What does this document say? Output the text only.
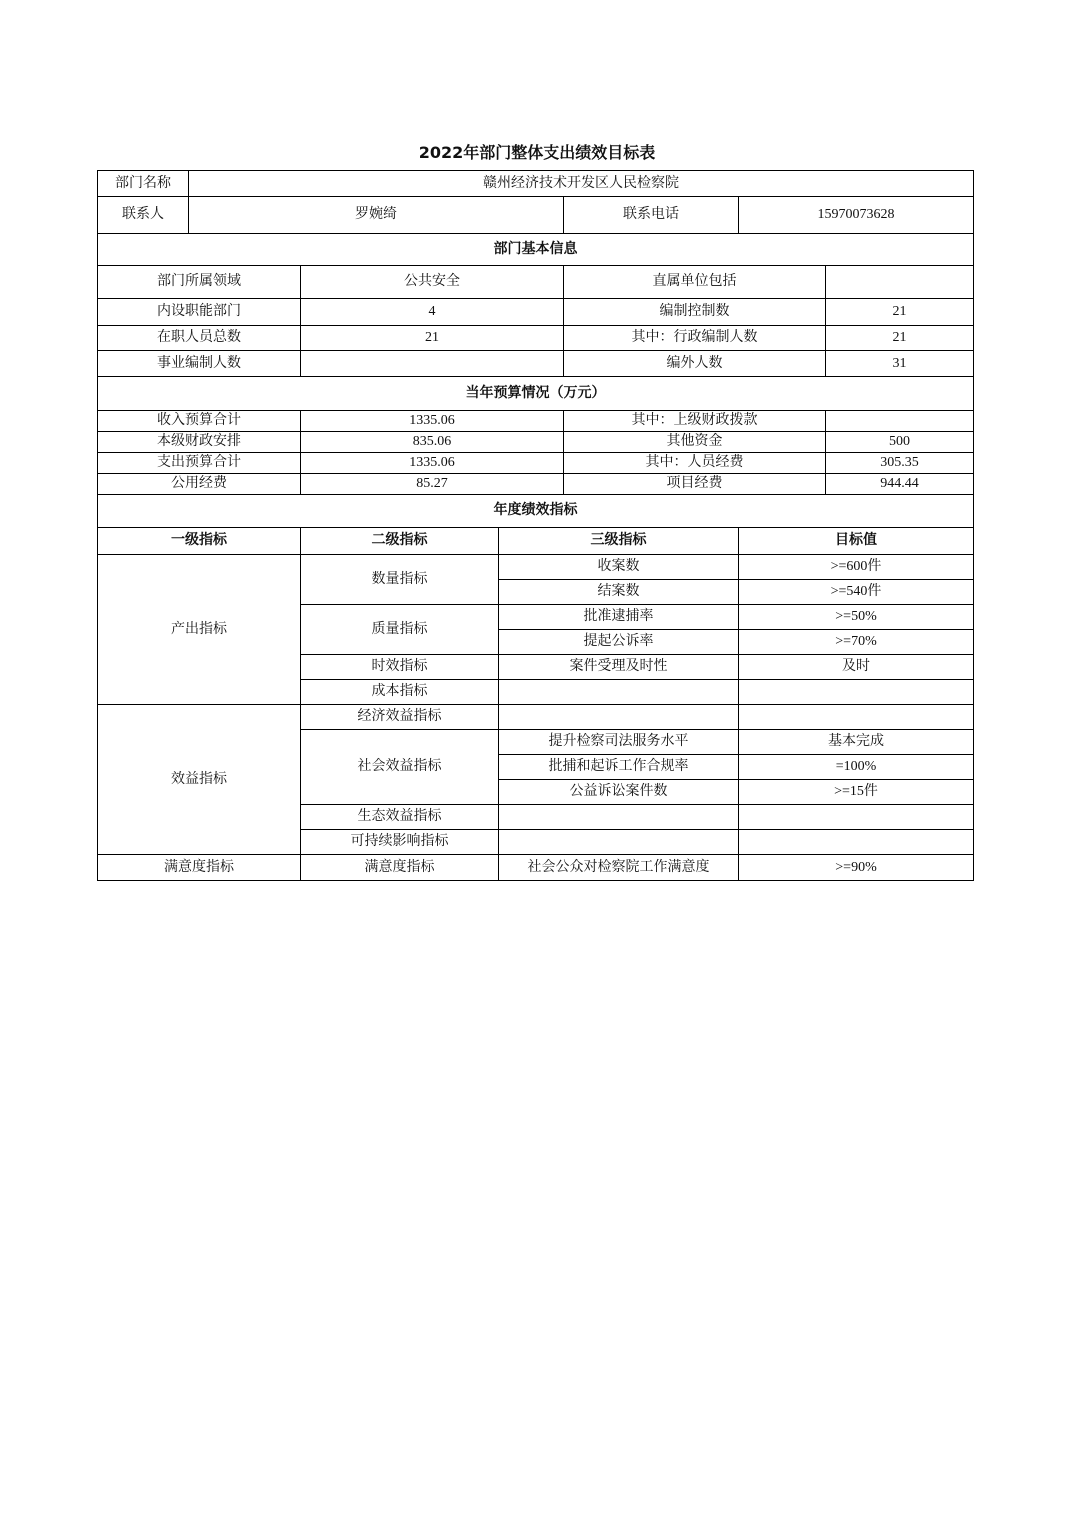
2022年部门整体支出绩效目标表
部门名称	赣州经济技术开发区人民检察院					
联系人	罗婉绮			联系电话	15970073628	
部门基本信息						
部门所属领域		公共安全		直属单位包括		
内设职能部门		4		编制控制数		21
在职人员总数		21		其中：行政编制人数		21
事业编制人数				编外人数		31
当年预算情况（万元）						
收入预算合计		1335.06		其中：上级财政拨款		
本级财政安排		835.06		其他资金		500
支出预算合计		1335.06		其中：人员经费		305.35
公用经费		85.27		项目经费		944.44
年度绩效指标						
一级指标		二级指标	三级指标		目标值	
产出指标		数量指标	收案数		>=600件	
			结案数		>=540件	
		质量指标	批准逮捕率		>=50%	
			提起公诉率		>=70%	
		时效指标	案件受理及时性		及时	
		成本指标				
效益指标		经济效益指标				
		社会效益指标	提升检察司法服务水平		基本完成	
			批捕和起诉工作合规率		=100%	
			公益诉讼案件数		>=15件	
		生态效益指标				
		可持续影响指标				
满意度指标		满意度指标	社会公众对检察院工作满意度		>=90%	
